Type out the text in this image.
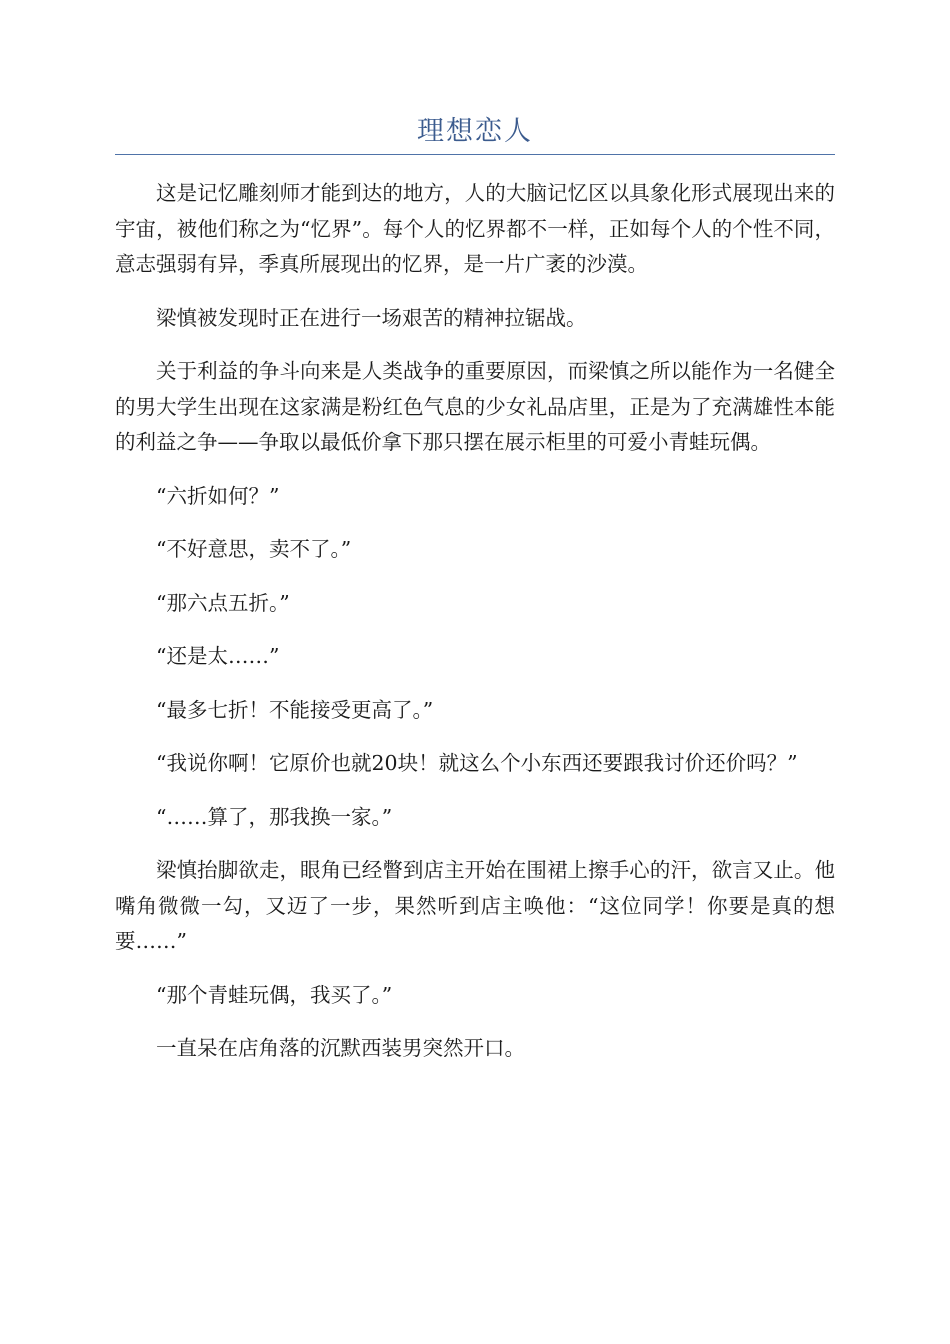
理想恋人

这是记忆雕刻师才能到达的地方，人的大脑记忆区以具象化形式展现出来的宇宙，被他们称之为“忆界”。每个人的忆界都不一样，正如每个人的个性不同，意志强弱有异，季真所展现出的忆界，是一片广袤的沙漠。

梁慎被发现时正在进行一场艰苦的精神拉锯战。

关于利益的争斗向来是人类战争的重要原因，而梁慎之所以能作为一名健全的男大学生出现在这家满是粉红色气息的少女礼品店里，正是为了充满雄性本能的利益之争——争取以最低价拿下那只摆在展示柜里的可爱小青蛙玩偶。

“六折如何？”

“不好意思，卖不了。”

“那六点五折。”

“还是太……”

“最多七折！不能接受更高了。”

“我说你啊！它原价也就20块！就这么个小东西还要跟我讨价还价吗？”

“……算了，那我换一家。”

梁慎抬脚欲走，眼角已经瞥到店主开始在围裙上擦手心的汗，欲言又止。他嘴角微微一勾，又迈了一步，果然听到店主唤他：“这位同学！你要是真的想要……”

“那个青蛙玩偶，我买了。”

一直呆在店角落的沉默西装男突然开口。
